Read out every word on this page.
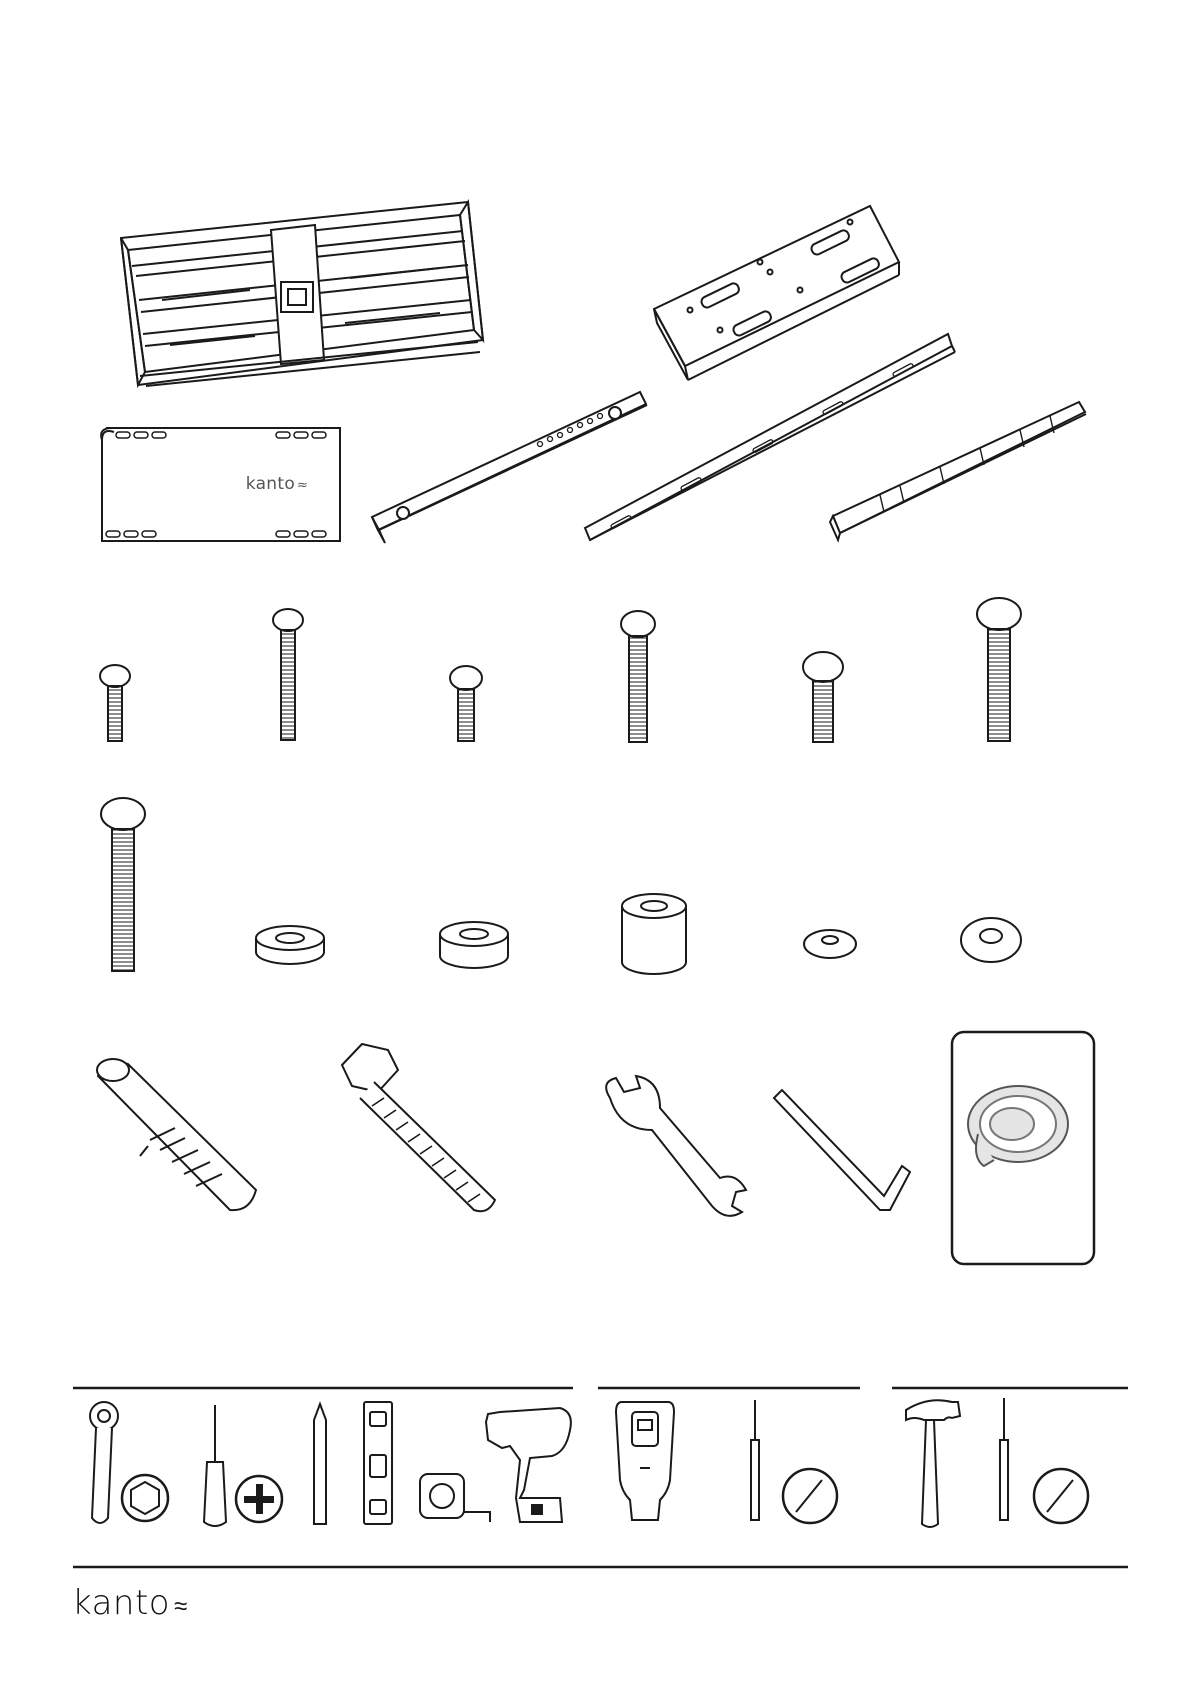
kanto ≈
kanto ≈
